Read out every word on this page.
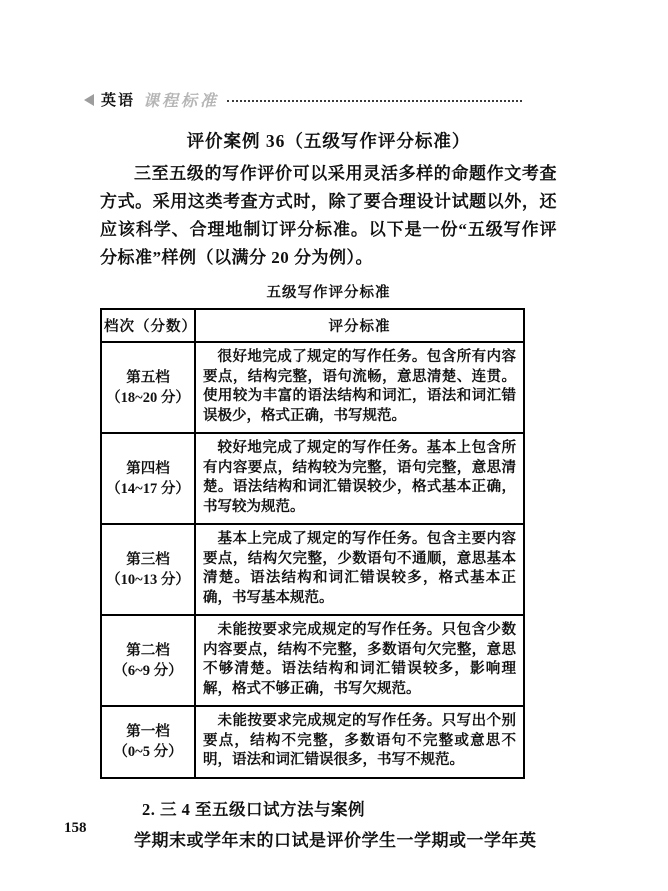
英语 课程标准
评价案例 36（五级写作评分标准）

三至五级的写作评价可以采用灵活多样的命题作文考查方式。采用这类考查方式时，除了要合理设计试题以外，还应该科学、合理地制订评分标准。以下是一份“五级写作评分标准”样例（以满分 20 分为例）。

五级写作评分标准
档次（分数）	评分标准

第五档
（18~20 分）	很好地完成了规定的写作任务。包含所有内容要点，结构完整，语句流畅，意思清楚、连贯。使用较为丰富的语法结构和词汇，语法和词汇错误极少，格式正确，书写规范。

第四档
（14~17 分）	较好地完成了规定的写作任务。基本上包含所有内容要点，结构较为完整，语句完整，意思清楚。语法结构和词汇错误较少，格式基本正确，书写较为规范。

第三档
（10~13 分）	基本上完成了规定的写作任务。包含主要内容要点，结构欠完整，少数语句不通顺，意思基本清楚。语法结构和词汇错误较多，格式基本正确，书写基本规范。

第二档
（6~9 分）	未能按要求完成规定的写作任务。只包含少数内容要点，结构不完整，多数语句欠完整，意思不够清楚。语法结构和词汇错误较多，影响理解，格式不够正确，书写欠规范。

第一档
（0~5 分）	未能按要求完成规定的写作任务。只写出个别要点，结构不完整，多数语句不完整或意思不明，语法和词汇错误很多，书写不规范。

2. 三 4 至五级口试方法与案例

学期末或学年末的口试是评价学生一学期或一学年英

158
